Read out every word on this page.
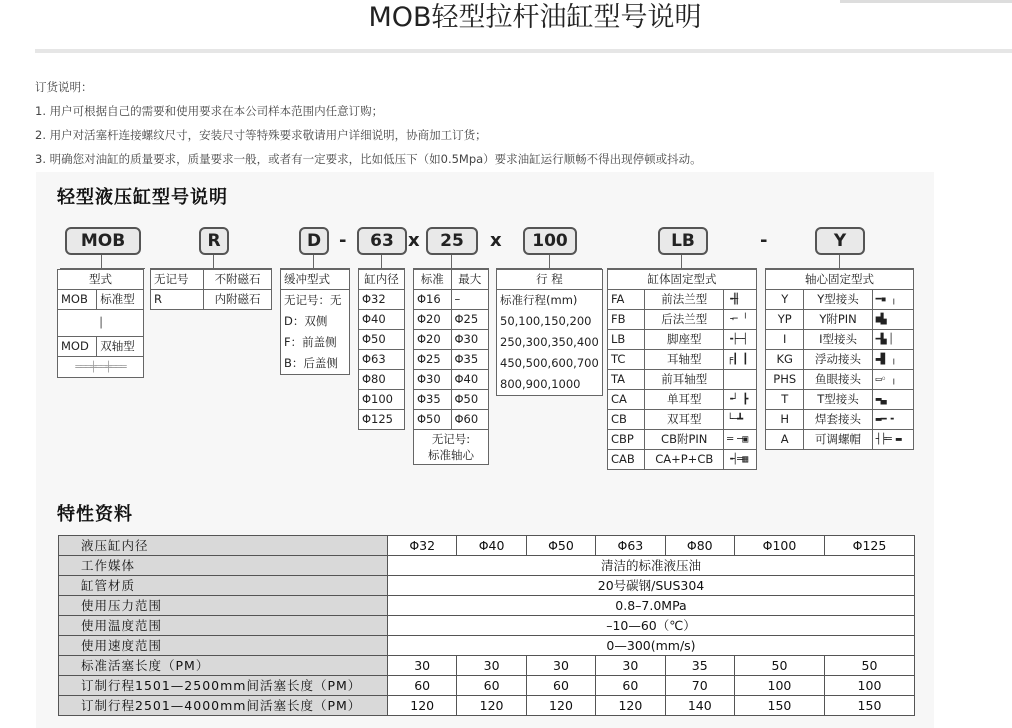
MOB轻型拉杆油缸型号说明
订货说明：
1. 用户可根据自己的需要和使用要求在本公司样本范围内任意订购；
2. 用户对活塞杆连接螺纹尺寸，安装尺寸等特殊要求敬请用户详细说明，协商加工订货；
3. 明确您对油缸的质量要求，质量要求一般，或者有一定要求，比如低压下（如0.5Mpa）要求油缸运行顺畅不得出现停顿或抖动。
轻型液压缸型号说明
MOB	R	D -	63 x	25	x	100	LB	-	Y
型式	
MOB	标准型
│	
MOD	双轴型
═══╪══╪═══	
无记号	不附磁石
R	内附磁石
缓冲型式

无记号：无
D：双侧
F：前盖侧
B：后盖侧
缸内径
Φ32
Φ40
Φ50
Φ63
Φ80
Φ100
Φ125
标准	最大
Φ16	–
Φ20	Φ25
Φ20	Φ30
Φ25	Φ35
Φ30	Φ40
Φ35	Φ50
Φ50	Φ60

无记号:
标准轴心	
行 程

标准行程(mm)
50,100,150,200
250,300,350,400
450,500,600,700
800,900,1000
缸体固定型式		
FA	前法兰型	╺╫▏
FB	后法兰型	╶⌐ ╵
LB	脚座型	╺├─┤
TC	耳轴型	╒┃ ┃
TA	前耳轴型	
CA	单耳型	╺┘ ┣
CB	双耳型	└─┻
CBP	CB附PIN	═ ─▣
CAB	CA+P+CB	╺┤═▦
轴心固定型式		
Y	Y型接头	━▪ ╷
YP	Y附PIN	■▙
I	I型接头	━▙ ▏
KG	浮动接头	▬▊ ╷
PHS	鱼眼接头	▭◦ ╷
T	T型接头	▬▃
H	焊套接头	▬━ ╸
A	可调螺帽	┤╞═ ▬
特性资料
液压缸内径	Φ32	Φ40	Φ50	Φ63	Φ80	Φ100	Φ125
工作媒体	清洁的标准液压油						
缸管材质	20号碳钢/SUS304						
使用压力范围	0.8–7.0MPa						
使用温度范围	–10—60（℃）						
使用速度范围	0—300(mm/s)						
标准活塞长度（PM）	30	30	30	30	35	50	50
订制行程1501—2500mm间活塞长度（PM）	60	60	60	60	70	100	100
订制行程2501—4000mm间活塞长度（PM）	120	120	120	120	140	150	150
